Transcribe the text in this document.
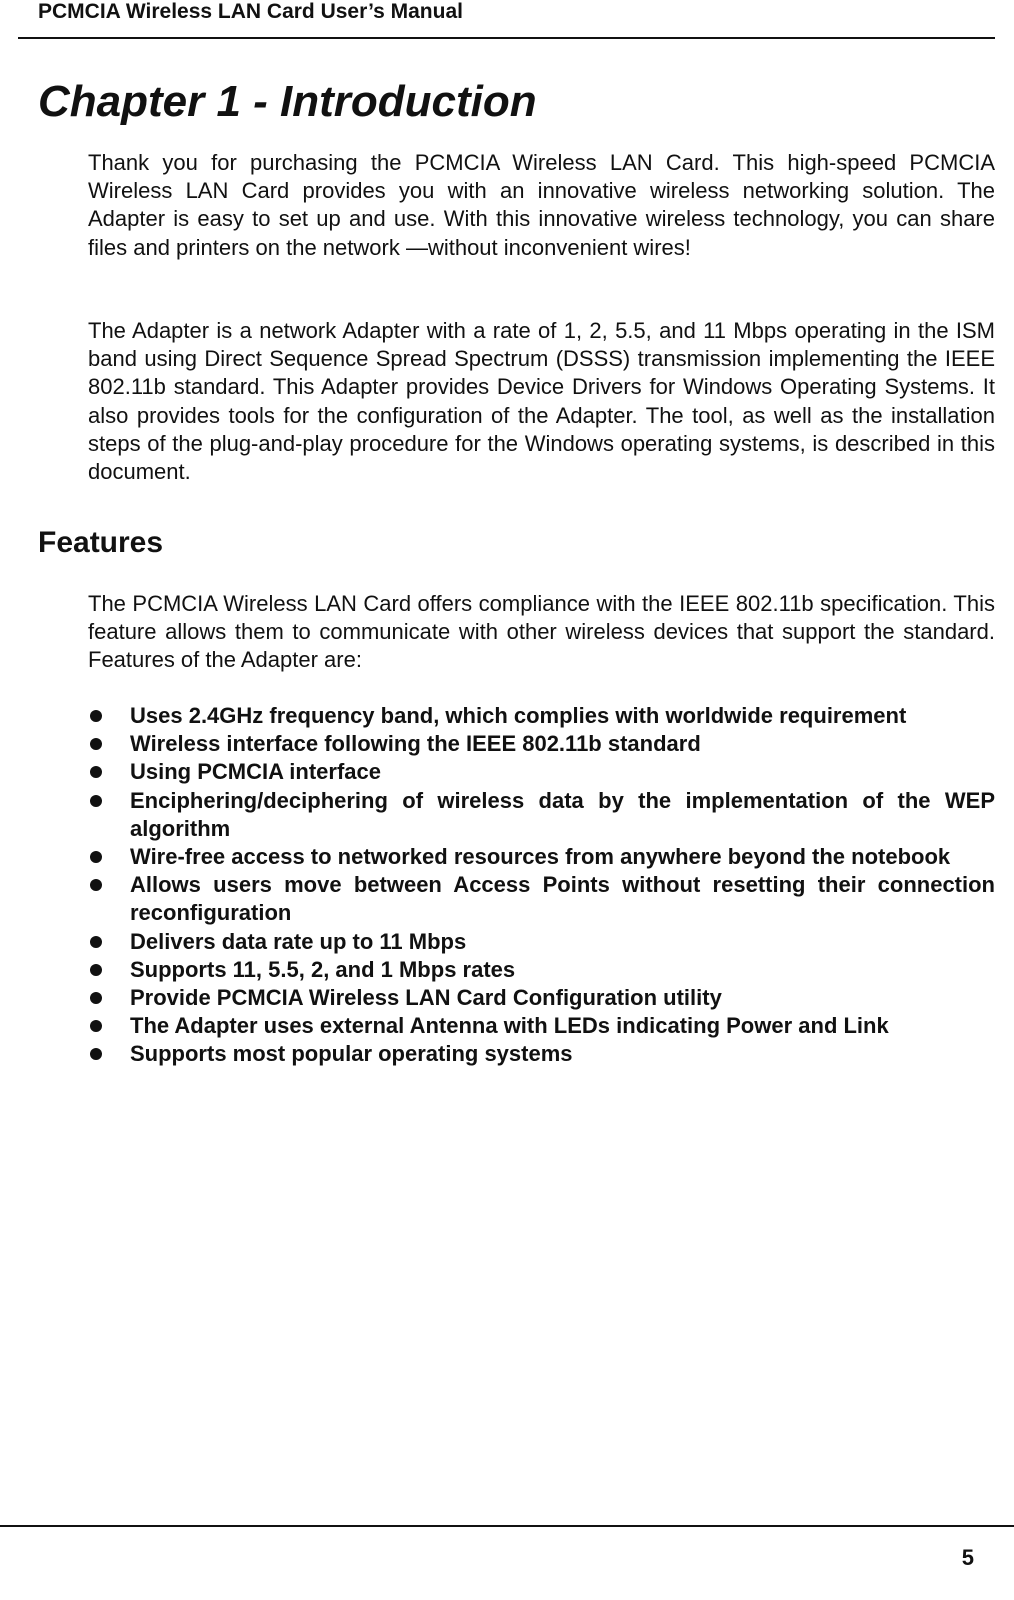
PCMCIA Wireless LAN Card User’s Manual
Chapter 1 - Introduction

Thank you for purchasing the PCMCIA Wireless LAN Card. This high-speed PCMCIA Wireless LAN Card provides you with an innovative wireless networking solution. The Adapter is easy to set up and use. With this innovative wireless technology, you can share files and printers on the network —without inconvenient wires!

The Adapter is a network Adapter with a rate of 1, 2, 5.5, and 11 Mbps operating in the ISM band using Direct Sequence Spread Spectrum (DSSS) transmission implementing the IEEE 802.11b standard. This Adapter provides Device Drivers for Windows Operating Systems. It also provides tools for the configuration of the Adapter. The tool, as well as the installation steps of the plug-and-play procedure for the Windows operating systems, is described in this document.

Features

The PCMCIA Wireless LAN Card offers compliance with the IEEE 802.11b specification. This feature allows them to communicate with other wireless devices that support the standard. Features of the Adapter are:

Uses 2.4GHz frequency band, which complies with worldwide requirement
Wireless interface following the IEEE 802.11b standard
Using PCMCIA interface
Enciphering/deciphering of wireless data by the implementation of the WEP algorithm
Wire-free access to networked resources from anywhere beyond the notebook
Allows users move between Access Points without resetting their connection reconfiguration
Delivers data rate up to 11 Mbps
Supports 11, 5.5, 2, and 1 Mbps rates
Provide PCMCIA Wireless LAN Card Configuration utility
The Adapter uses external Antenna with LEDs indicating Power and Link
Supports most popular operating systems
5
